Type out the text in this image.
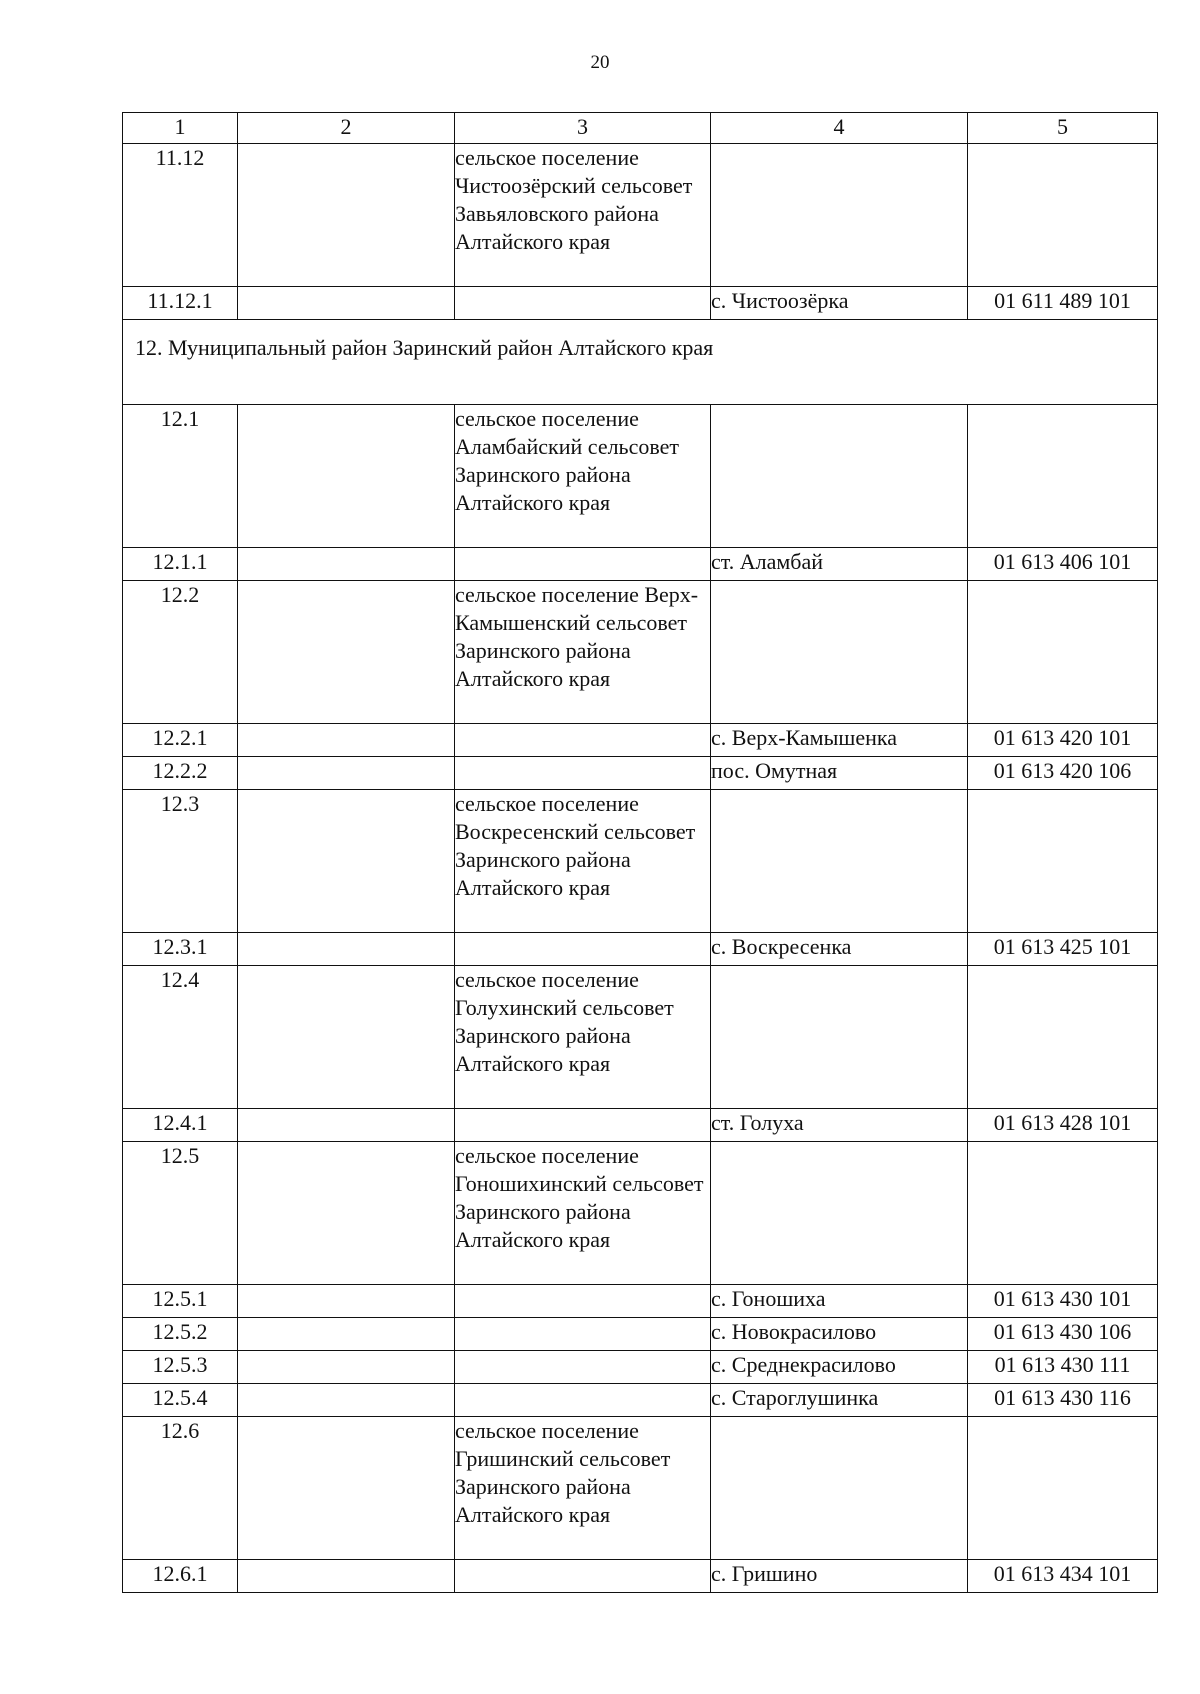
20
1	2	3	4	5
11.12		сельское поселение Чистоозёрский сельсовет Завьяловского района Алтайского края		
11.12.1			с. Чистоозёрка	01 611 489 101
12. Муниципальный район Заринский район Алтайского края				
12.1		сельское поселение Аламбайский сельсовет Заринского района Алтайского края		
12.1.1			ст. Аламбай	01 613 406 101
12.2		сельское поселение Верх-Камышенский сельсовет Заринского района Алтайского края		
12.2.1			с. Верх-Камышенка	01 613 420 101
12.2.2			пос. Омутная	01 613 420 106
12.3		сельское поселение Воскресенский сельсовет Заринского района Алтайского края		
12.3.1			с. Воскресенка	01 613 425 101
12.4		сельское поселение Голухинский сельсовет Заринского района Алтайского края		
12.4.1			ст. Голуха	01 613 428 101
12.5		сельское поселение Гоношихинский сельсовет Заринского района Алтайского края		
12.5.1			с. Гоношиха	01 613 430 101
12.5.2			с. Новокрасилово	01 613 430 106
12.5.3			с. Среднекрасилово	01 613 430 111
12.5.4			с. Староглушинка	01 613 430 116
12.6		сельское поселение Гришинский сельсовет Заринского района Алтайского края		
12.6.1			с. Гришино	01 613 434 101
